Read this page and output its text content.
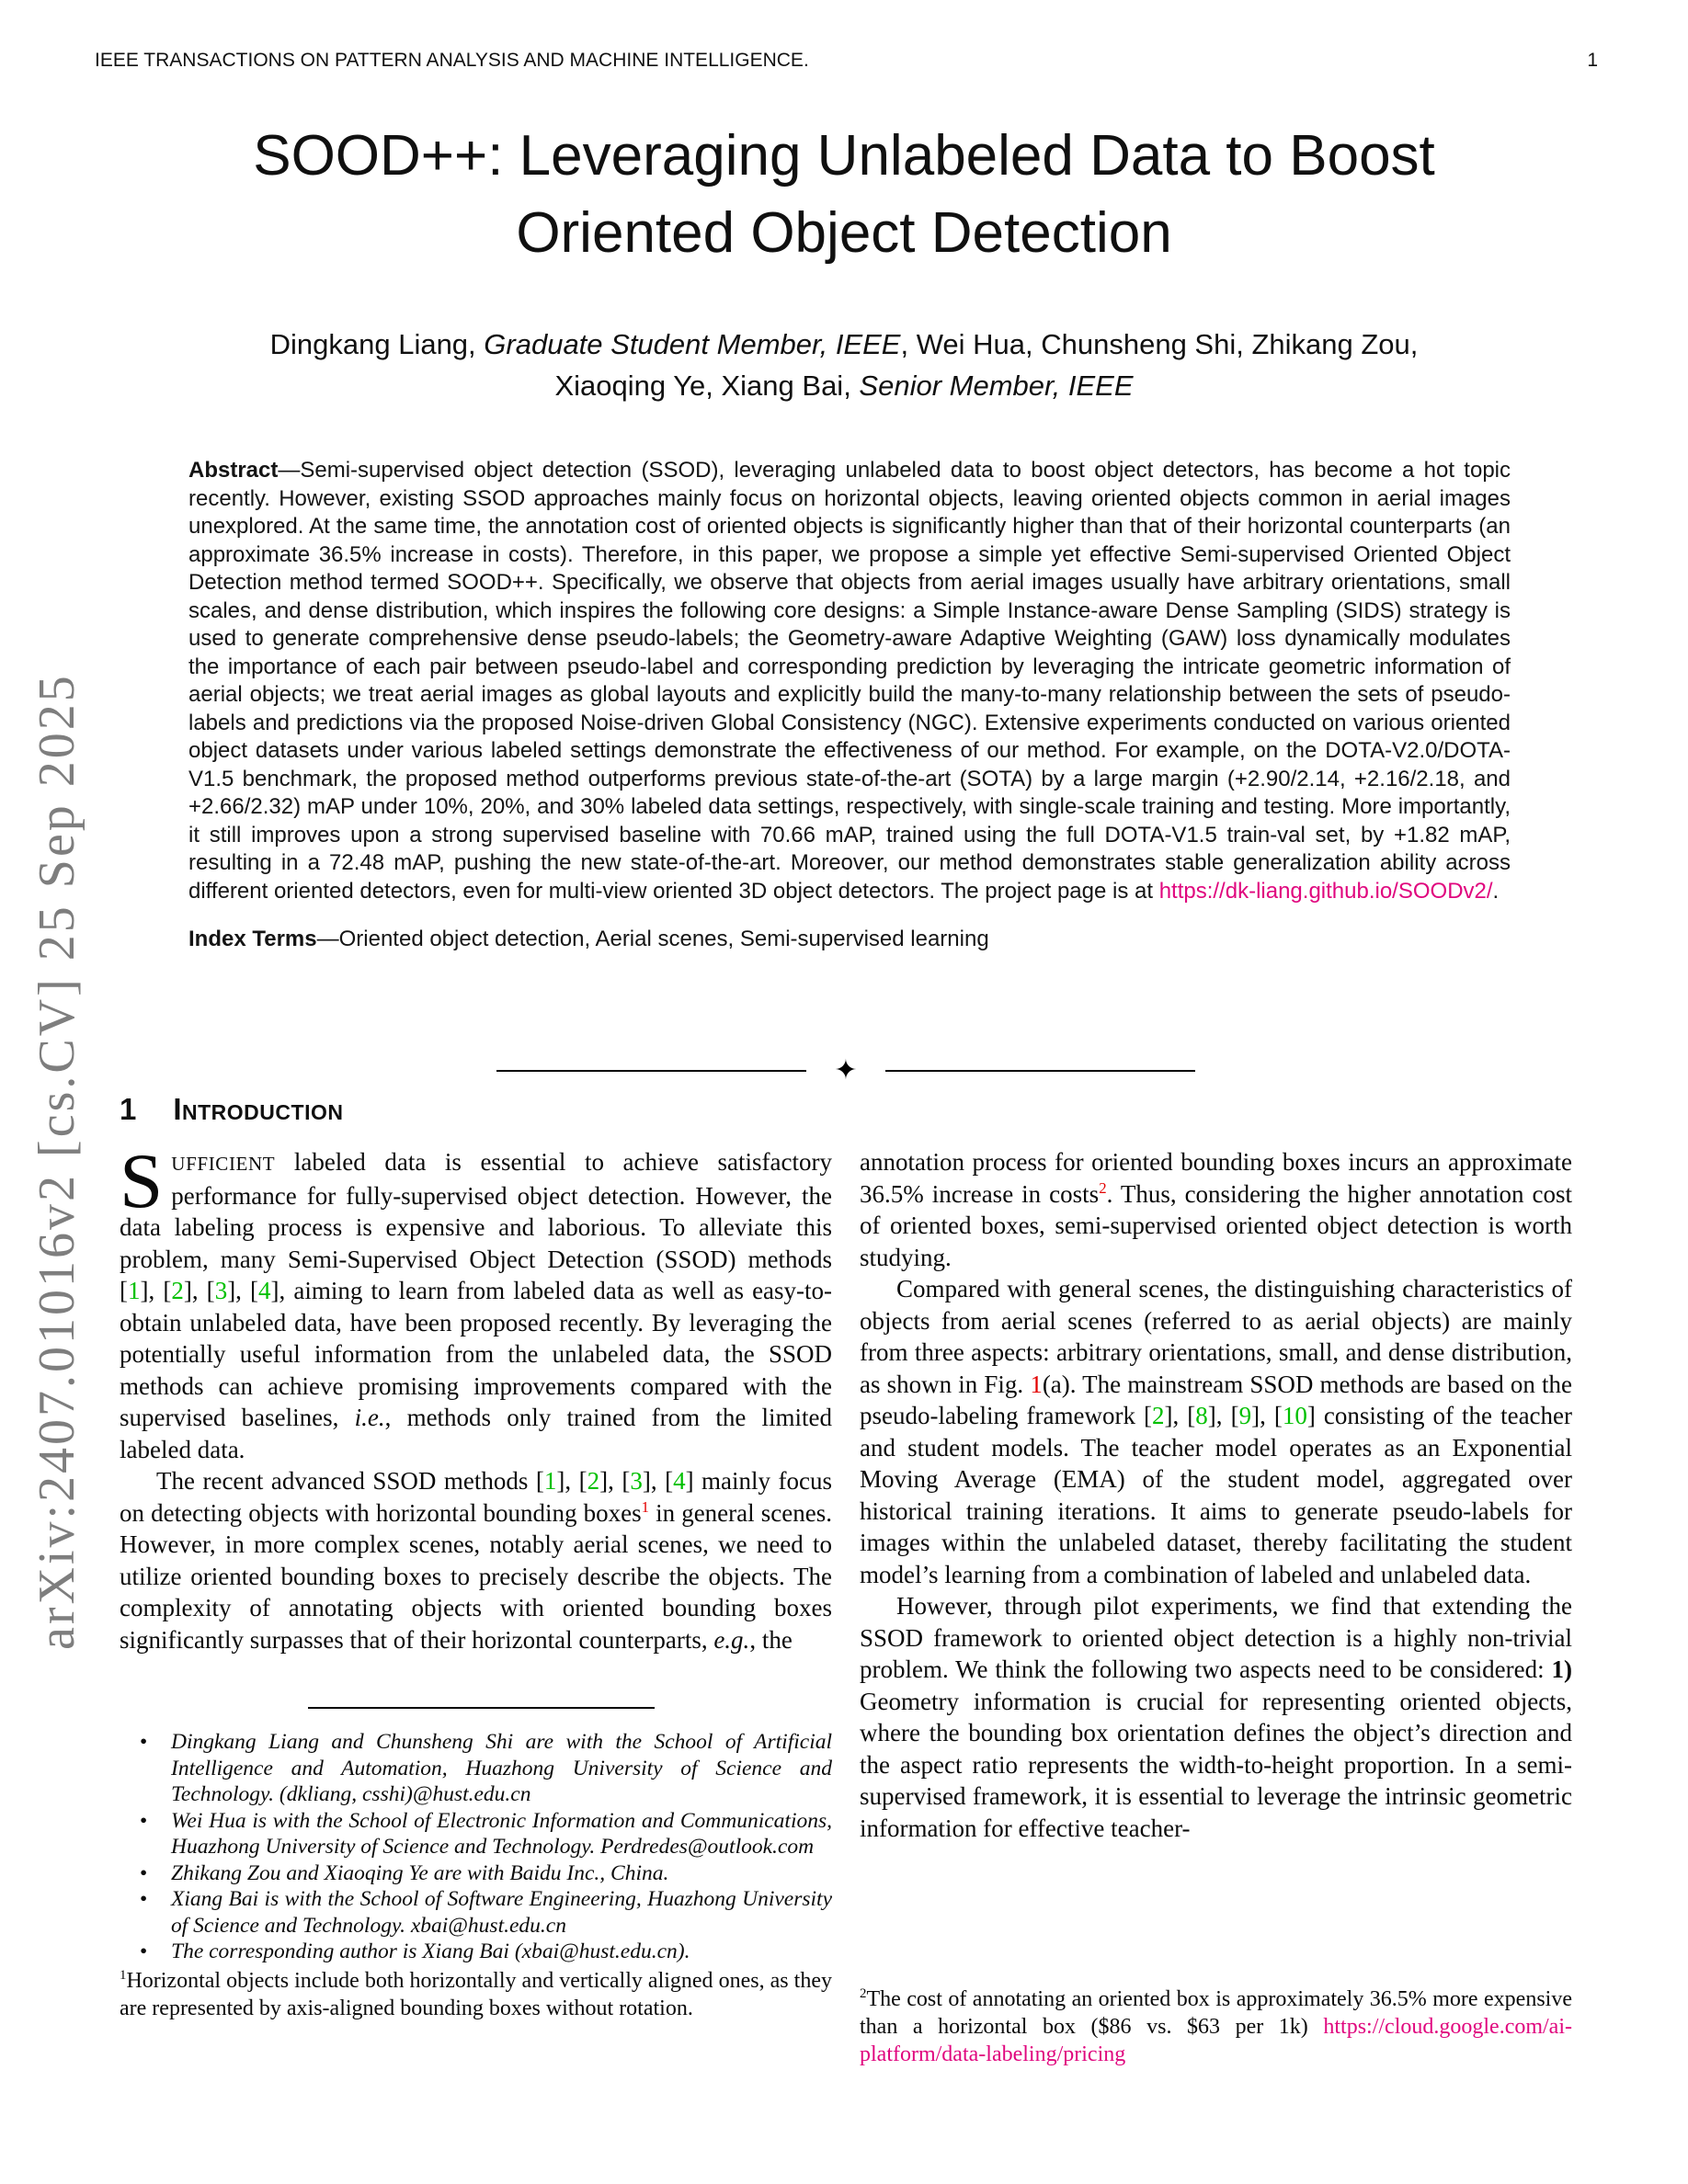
arXiv:2407.01016v2 [cs.CV] 25 Sep 2025
IEEE TRANSACTIONS ON PATTERN ANALYSIS AND MACHINE INTELLIGENCE.	1
SOOD++: Leveraging Unlabeled Data to Boost
Oriented Object Detection
Dingkang Liang, Graduate Student Member, IEEE, Wei Hua, Chunsheng Shi, Zhikang Zou,
Xiaoqing Ye, Xiang Bai, Senior Member, IEEE

Abstract—Semi-supervised object detection (SSOD), leveraging unlabeled data to boost object detectors, has become a hot topic recently. However, existing SSOD approaches mainly focus on horizontal objects, leaving oriented objects common in aerial images unexplored. At the same time, the annotation cost of oriented objects is significantly higher than that of their horizontal counterparts (an approximate 36.5% increase in costs). Therefore, in this paper, we propose a simple yet effective Semi-supervised Oriented Object Detection method termed SOOD++. Specifically, we observe that objects from aerial images usually have arbitrary orientations, small scales, and dense distribution, which inspires the following core designs: a Simple Instance-aware Dense Sampling (SIDS) strategy is used to generate comprehensive dense pseudo-labels; the Geometry-aware Adaptive Weighting (GAW) loss dynamically modulates the importance of each pair between pseudo-label and corresponding prediction by leveraging the intricate geometric information of aerial objects; we treat aerial images as global layouts and explicitly build the many-to-many relationship between the sets of pseudo-labels and predictions via the proposed Noise-driven Global Consistency (NGC). Extensive experiments conducted on various oriented object datasets under various labeled settings demonstrate the effectiveness of our method. For example, on the DOTA-V2.0/DOTA-V1.5 benchmark, the proposed method outperforms previous state-of-the-art (SOTA) by a large margin (+2.90/2.14, +2.16/2.18, and +2.66/2.32) mAP under 10%, 20%, and 30% labeled data settings, respectively, with single-scale training and testing. More importantly, it still improves upon a strong supervised baseline with 70.66 mAP, trained using the full DOTA-V1.5 train-val set, by +1.82 mAP, resulting in a 72.48 mAP, pushing the new state-of-the-art. Moreover, our method demonstrates stable generalization ability across different oriented detectors, even for multi-view oriented 3D object detectors. The project page is at https://dk-liang.github.io/SOODv2/.

Index Terms—Oriented object detection, Aerial scenes, Semi-supervised learning

✦
1 Introduction

SUFFICIENT labeled data is essential to achieve satisfactory performance for fully-supervised object detection. However, the data labeling process is expensive and laborious. To alleviate this problem, many Semi-Supervised Object Detection (SSOD) methods [1], [2], [3], [4], aiming to learn from labeled data as well as easy-to-obtain unlabeled data, have been proposed recently. By leveraging the potentially useful information from the unlabeled data, the SSOD methods can achieve promising improvements compared with the supervised baselines, i.e., methods only trained from the limited labeled data.

The recent advanced SSOD methods [1], [2], [3], [4] mainly focus on detecting objects with horizontal bounding boxes$^1$ in general scenes. However, in more complex scenes, notably aerial scenes, we need to utilize oriented bounding boxes to precisely describe the objects. The complexity of annotating objects with oriented bounding boxes significantly surpasses that of their horizontal counterparts, e.g., the

• Dingkang Liang and Chunsheng Shi are with the School of Artificial Intelligence and Automation, Huazhong University of Science and Technology. (dkliang, csshi)@hust.edu.cn
• Wei Hua is with the School of Electronic Information and Communications, Huazhong University of Science and Technology. Perdredes@outlook.com
• Zhikang Zou and Xiaoqing Ye are with Baidu Inc., China.
• Xiang Bai is with the School of Software Engineering, Huazhong University of Science and Technology. xbai@hust.edu.cn
• The corresponding author is Xiang Bai (xbai@hust.edu.cn).
$^1$Horizontal objects include both horizontally and vertically aligned ones, as they are represented by axis-aligned bounding boxes without rotation.

annotation process for oriented bounding boxes incurs an approximate 36.5% increase in costs$^2$. Thus, considering the higher annotation cost of oriented boxes, semi-supervised oriented object detection is worth studying.

Compared with general scenes, the distinguishing characteristics of objects from aerial scenes (referred to as aerial objects) are mainly from three aspects: arbitrary orientations, small, and dense distribution, as shown in Fig. 1(a). The mainstream SSOD methods are based on the pseudo-labeling framework [2], [8], [9], [10] consisting of the teacher and student models. The teacher model operates as an Exponential Moving Average (EMA) of the student model, aggregated over historical training iterations. It aims to generate pseudo-labels for images within the unlabeled dataset, thereby facilitating the student model’s learning from a combination of labeled and unlabeled data.

However, through pilot experiments, we find that extending the SSOD framework to oriented object detection is a highly non-trivial problem. We think the following two aspects need to be considered: 1) Geometry information is crucial for representing oriented objects, where the bounding box orientation defines the object’s direction and the aspect ratio represents the width-to-height proportion. In a semi-supervised framework, it is essential to leverage the intrinsic geometric information for effective teacher-

$^2$The cost of annotating an oriented box is approximately 36.5% more expensive than a horizontal box ($86 vs. $63 per 1k) https://cloud.google.com/ai-platform/data-labeling/pricing
